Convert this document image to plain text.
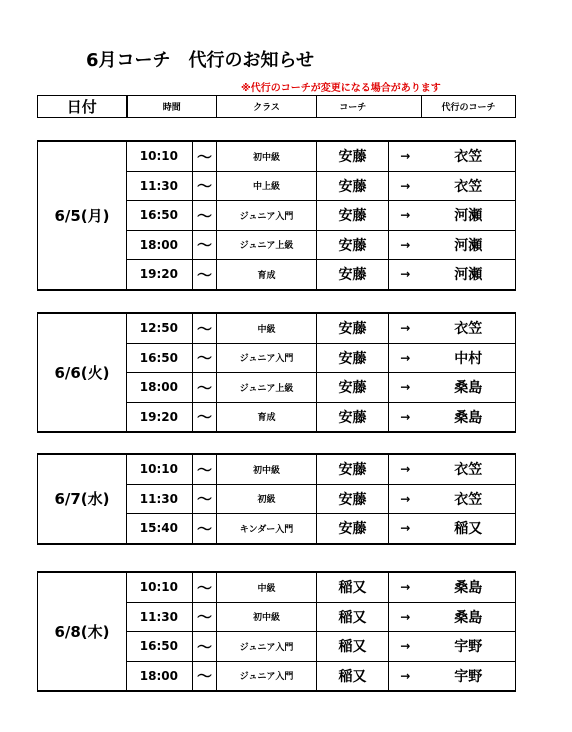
6月コーチ　代行のお知らせ
※代行のコーチが変更になる場合があります
日付	時間	クラス	コーチ		代行のコーチ
6/5(月)	10:10	～	初中級	安藤	→	衣笠
	11:30	～	中上級	安藤	→	衣笠
	16:50	～	ジュニア入門	安藤	→	河瀬
	18:00	～	ジュニア上級	安藤	→	河瀬
	19:20	～	育成	安藤	→	河瀬
6/6(火)	12:50	～	中級	安藤	→	衣笠
	16:50	～	ジュニア入門	安藤	→	中村
	18:00	～	ジュニア上級	安藤	→	桑島
	19:20	～	育成	安藤	→	桑島
6/7(水)	10:10	～	初中級	安藤	→	衣笠
	11:30	～	初級	安藤	→	衣笠
	15:40	～	キンダー入門	安藤	→	稲又
6/8(木)	10:10	～	中級	稲又	→	桑島
	11:30	～	初中級	稲又	→	桑島
	16:50	～	ジュニア入門	稲又	→	宇野
	18:00	～	ジュニア入門	稲又	→	宇野
